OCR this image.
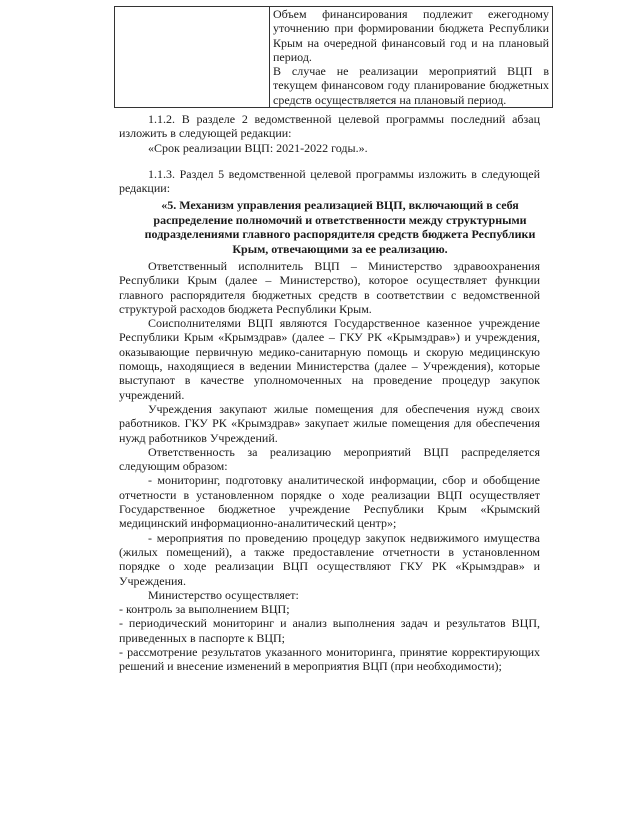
Объем финансирования подлежит ежегодному уточнению при формировании бюджета Республики Крым на очередной финансовый год и на плановый период.

В случае не реализации мероприятий ВЦП в текущем финансовом году планирование бюджетных средств осуществляется на плановый период.

1.1.2. В разделе 2 ведомственной целевой программы последний абзац изложить в следующей редакции:

«Срок реализации ВЦП: 2021-2022 годы.».

1.1.3. Раздел 5 ведомственной целевой программы изложить в следующей редакции:

«5. Механизм управления реализацией ВЦП, включающий в себя распределение полномочий и ответственности между структурными подразделениями главного распорядителя средств бюджета Республики Крым, отвечающими за ее реализацию.

Ответственный исполнитель ВЦП – Министерство здравоохранения Республики Крым (далее – Министерство), которое осуществляет функции главного распорядителя бюджетных средств в соответствии с ведомственной структурой расходов бюджета Республики Крым.

Соисполнителями ВЦП являются Государственное казенное учреждение Республики Крым «Крымздрав» (далее – ГКУ РК «Крымздрав») и учреждения, оказывающие первичную медико-санитарную помощь и скорую медицинскую помощь, находящиеся в ведении Министерства (далее – Учреждения), которые выступают в качестве уполномоченных на проведение процедур закупок учреждений.

Учреждения закупают жилые помещения для обеспечения нужд своих работников. ГКУ РК «Крымздрав» закупает жилые помещения для обеспечения нужд работников Учреждений.

Ответственность за реализацию мероприятий ВЦП распределяется следующим образом:

- мониторинг, подготовку аналитической информации, сбор и обобщение отчетности в установленном порядке о ходе реализации ВЦП осуществляет Государственное бюджетное учреждение Республики Крым «Крымский медицинский информационно-аналитический центр»;

- мероприятия по проведению процедур закупок недвижимого имущества (жилых помещений), а также предоставление отчетности в установленном порядке о ходе реализации ВЦП осуществляют ГКУ РК «Крымздрав» и Учреждения.

Министерство осуществляет:

- контроль за выполнением ВЦП;

- периодический мониторинг и анализ выполнения задач и результатов ВЦП, приведенных в паспорте к ВЦП;

- рассмотрение результатов указанного мониторинга, принятие корректирующих решений и внесение изменений в мероприятия ВЦП (при необходимости);
